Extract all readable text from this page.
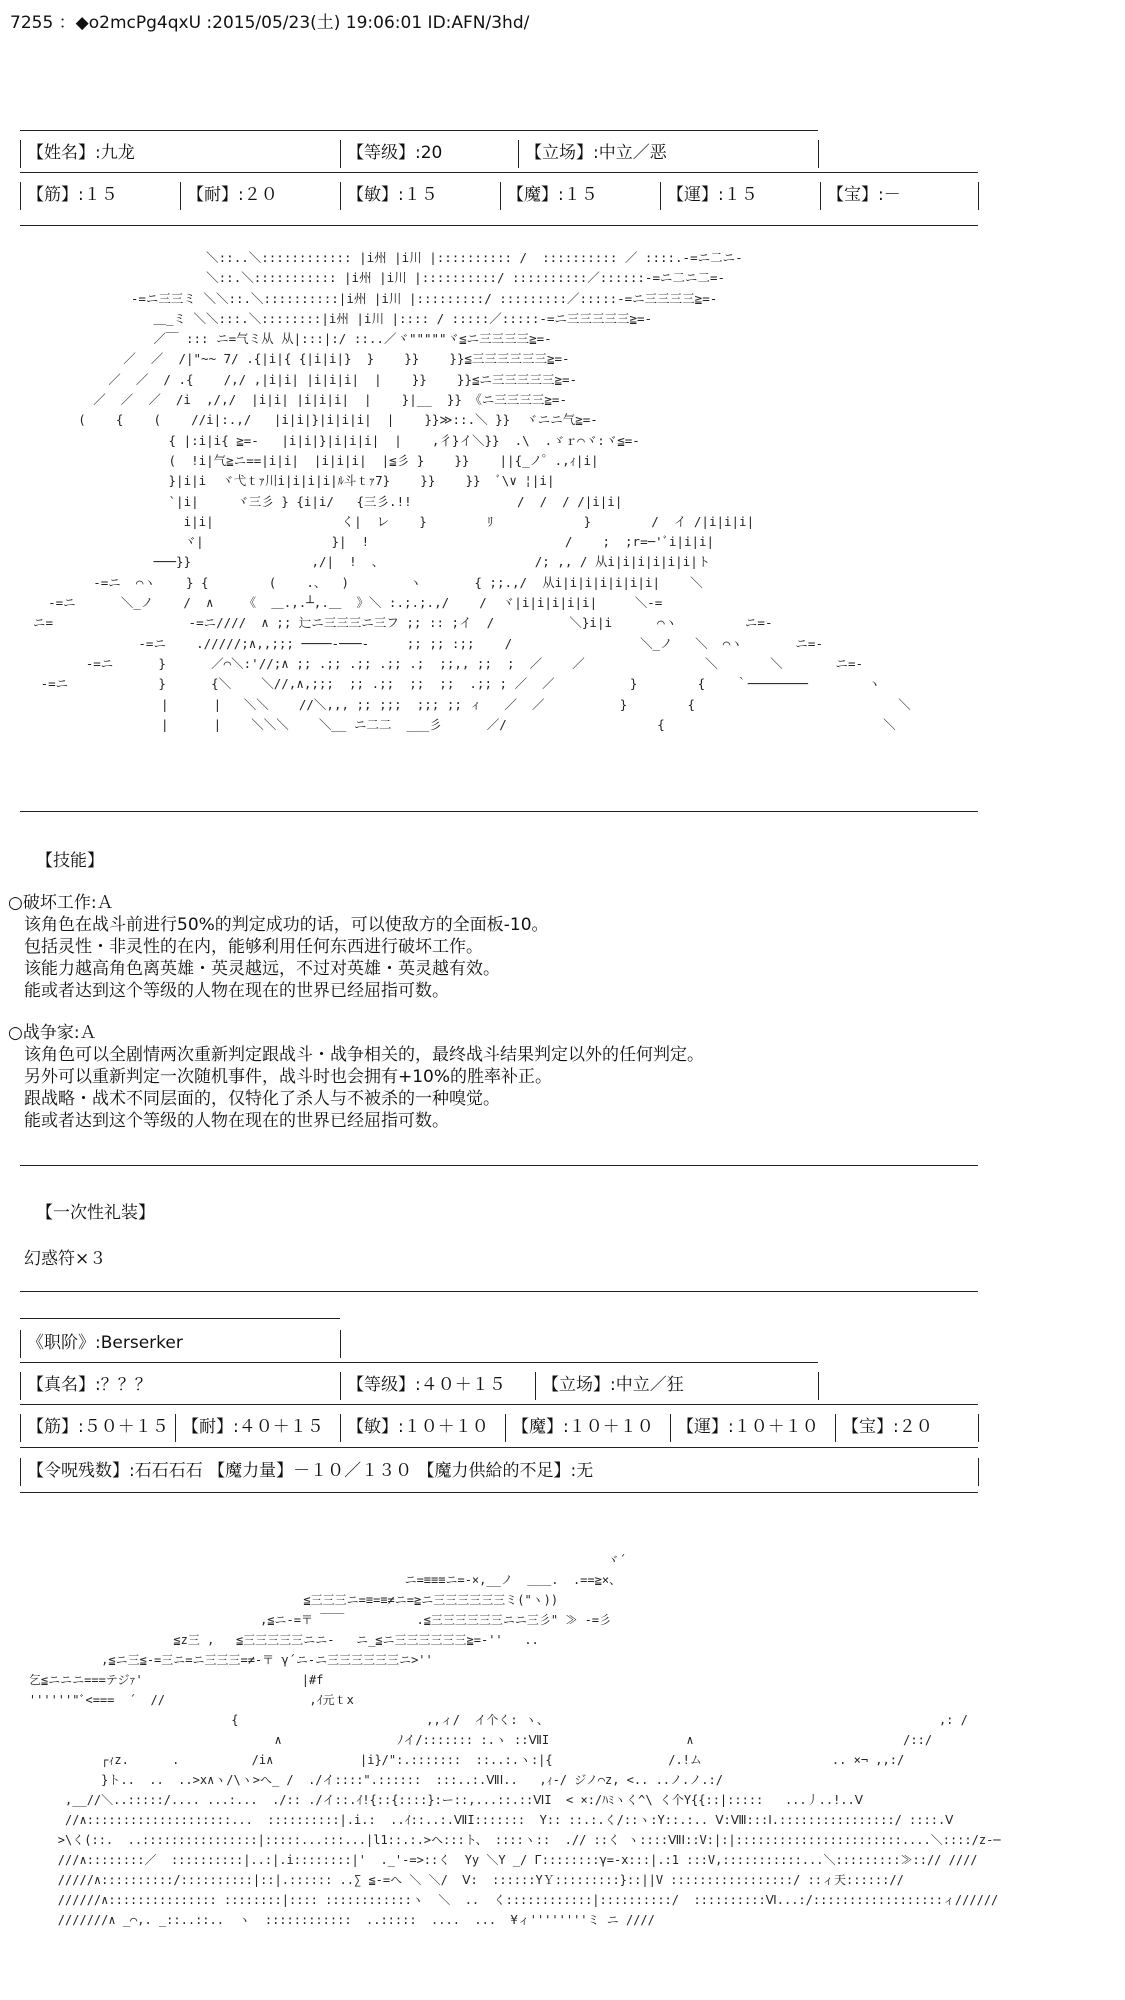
7255 ：◆o2mcPg4qxU :2015/05/23(土) 19:06:01 ID:AFN/3hd/
【姓名】:九龙	【等级】:20	【立场】:中立／恶
【筋】:１５	【耐】:２０	【敏】:１５	【魔】:１５	【運】:１５	【宝】:－
＼::..＼:::::::::::: |i州 |i川 |:::::::::: /  :::::::::: ／ ::::.-=ニ二ニ-
＼::.＼::::::::::: |i州 |i川 |::::::::::/ ::::::::::／::::::-=ニ二ニ二=-
-=ニ三三ミ ＼＼::.＼::::::::::|i州 |i川 |:::::::::/ :::::::::／:::::-=ニ三三三三≧=-
＿_ミ ＼＼:::.＼::::::::|i州 |i川 |:::: / :::::／:::::-=ニ三三三三三≧=-
／￣ ::: ニ=气ミ从 从|:::|:/ ::..／ヾ"""""ヾ≦ニ三三三三≧=-
／  ／  /|"~~ 7/ .{|i|{ {|i|i|}  }    }}    }}≦三三三三三三≧=-
／  ／  / .{    /,/ ,|i|i| |i|i|i|  |    }}    }}≦ニ三三三三三≧=-
／  ／  ／  /i  ,/,/  |i|i| |i|i|i|  |    }|__  }} 《ニ三三三三≧=-
(    {    (    //i|:.,/   |i|i|}|i|i|i|  |    }}≫::.＼ }}  ヾニニ气≧=-
{ |:i|i{ ≧=-   |i|i|}|i|i|i|  |    ,彳}イ＼}}  .\  .ゞｒ⌒ヾ:ヾ≦=-
(  !i|气≧ニ==|i|i|  |i|i|i|  |≦彡 }    }}    ||{_ノ゜.,ｨ|i|
}|i|i  ヾ弋ｔｧ川i|i|i|i|ﾙ斗ｔｧ7}    }}    }}  ﾞ\∨ ¦|i|
`|i|     ヾ三彡 } {i|i/   {三彡.!!              /  /  / /|i|i|
i|i|                 く|  レ    }        ﾘ            }        /  イ /|i|i|i|
ヾ|                 }|  !                          /    ;  ;r=─'ﾞi|i|i|
───}}                ,/|  !  、                    /; ,, / 从i|i|i|i|i|i|ト
-=ニ  ⌒ヽ    } {        (    .、  )        ヽ       { ;;.,/  从i|i|i|i|i|i|i|    ＼
-=ニ      ＼_ノ    /  ∧    《  ＿.,.┴,.＿  》＼ :.;.;.,/    /  ヾ|i|i|i|i|i|     ＼-=
ニ=                  -=ニ////  ∧ ;; 辷ニ三三三ニ三フ ;; :: ;イ  /          ＼}i|i      ⌒ヽ         ニ=-
-=ニ    ./////;∧,,;;; ────-───-     ;; ;; :;;    /                 ＼_ノ   ＼  ⌒ヽ       ニ=-
-=ニ      }      ／⌒＼:'//;∧ ;; .;; .;; .;; .;  ;;,, ;;  ;  ／    ／                ＼       ＼       ニ=-
-=ニ            }      {＼    ＼//,∧,;;;  ;; .;;  ;;  ;;  .;; ; ／  ／          }        {    ｀────────        ヽ
|      |   ＼＼    //＼,,, ;; ;;;  ;;; ;; ィ   ／  ／          }        {                           ＼
|      |    ＼＼＼    ＼__ ニ二二  ___彡      ／/                    {                             ＼
【技能】
○破坏工作:Ａ
该角色在战斗前进行50%的判定成功的话，可以使敌方的全面板-10。
包括灵性・非灵性的在内，能够利用任何东西进行破坏工作。
该能力越高角色离英雄・英灵越远，不过对英雄・英灵越有效。
能或者达到这个等级的人物在现在的世界已经屈指可数。
○战争家:Ａ
该角色可以全剧情两次重新判定跟战斗・战争相关的，最终战斗结果判定以外的任何判定。
另外可以重新判定一次随机事件，战斗时也会拥有+10%的胜率补正。
跟战略・战术不同层面的，仅特化了杀人与不被杀的一种嗅觉。
能或者达到这个等级的人物在现在的世界已经屈指可数。
【一次性礼装】
幻惑符×３
《职阶》:Berserker
【真名】:？？？	【等级】:４０＋１５	【立场】:中立／狂
【筋】:５０＋１５ 【耐】:４０＋１５	【敏】:１０＋１０	【魔】:１０＋１０	【運】:１０＋１０	【宝】:２０
【令呪残数】:石石石石 【魔力量】－１０／１３０ 【魔力供給的不足】:无
ヾ´
ニ=≡≡≡ニ=-×,__ノ  ＿＿.  .==≧×、
≦三三三ニ=≡=≡≠ニ=≧ニ三三三三三三ミ("ヽ))
,≦ニ-=〒 ￣￣          .≦三三三三三三ニニ三彡" ≫ -=彡
≦z三 ,   ≦三三三三三ニニ-   ニ_≦ニ三三三三三三≧=-''   ..
,≦ニ三≦-=三ニ=ニ三三三=≠-〒 γ´ニ-ニ三三三三三三ニ>''
乞≦ニニニ===テジｧ'                      |#f
''''''"ﾞ<===  ´  //                    ,ｲ元ｔx
{                          ,,ィ/  イ个く: ヽ、                                                      ,: /
∧                ﾉイ/::::::: :.ヽ ::ⅦI                   ∧                             /::/
┌ｨz.      .          /i∧            |i}/":.:::::::  ::..:.ヽ:|{                /.!ム                  .. ×¬ ,,:/
}ト..  ..  ..>x∧ヽ/\ヽ>へ_ /  ./イ::::".::::::  :::..:.ⅦⅠ..   ,ｨ-/ ジノ⌒z, <.. ..ノ.ノ.:/
,__//＼..:::::/.... ...:...  ./:: ./イ::.ｲ!{::{::::}:ー::,...::.::ⅥI  < ×:/ﾊﾐヽく^\ く个Y{{::|:::::   ...丿..!..Ⅴ
//∧::::::::::::::::::::...  ::::::::::|.i.:  ..ｲ::..:.ⅦI:::::::  Y:: ::.:.く/::ヽ:Y::.:.. Ⅴ:Ⅷ:::Ⅰ.::::::::::::::::/ ::::.Ⅴ
>\く(::.  ..::::::::::::::::|:::::...:::...|l1::.:.>ヘ:::ト、 ::::ヽ::  .// ::く ヽ::::ⅦⅠ::V:|:|:::::::::::::::::::::::....＼::::/z-─
///∧::::::::／  ::::::::::|..:|.i::::::::|'  ._'-=>::く  Yy ＼Y _/ Г::::::::γ=-x:::|.:1 :::V,:::::::::::...＼:::::::::≫::// ////
/////∧::::::::::/::::::::::|::|.:::::: ..∑ ≦-=へ ＼ ＼/  Ⅴ:  ::::::ΥＹ:::::::::}::||V :::::::::::::::::/ ::ィ天:::::://
//////∧::::::::::::::: ::::::::|:::: ::::::::::::ヽ  ＼  ..  く::::::::::::|::::::::::/  ::::::::::Ⅵ...:/::::::::::::::::::ィ//////
///////∧ _⌒,. _::..::..  ヽ  ::::::::::::  ..:::::  ....  ...  ¥ィ''''''''ミ ニ ////
